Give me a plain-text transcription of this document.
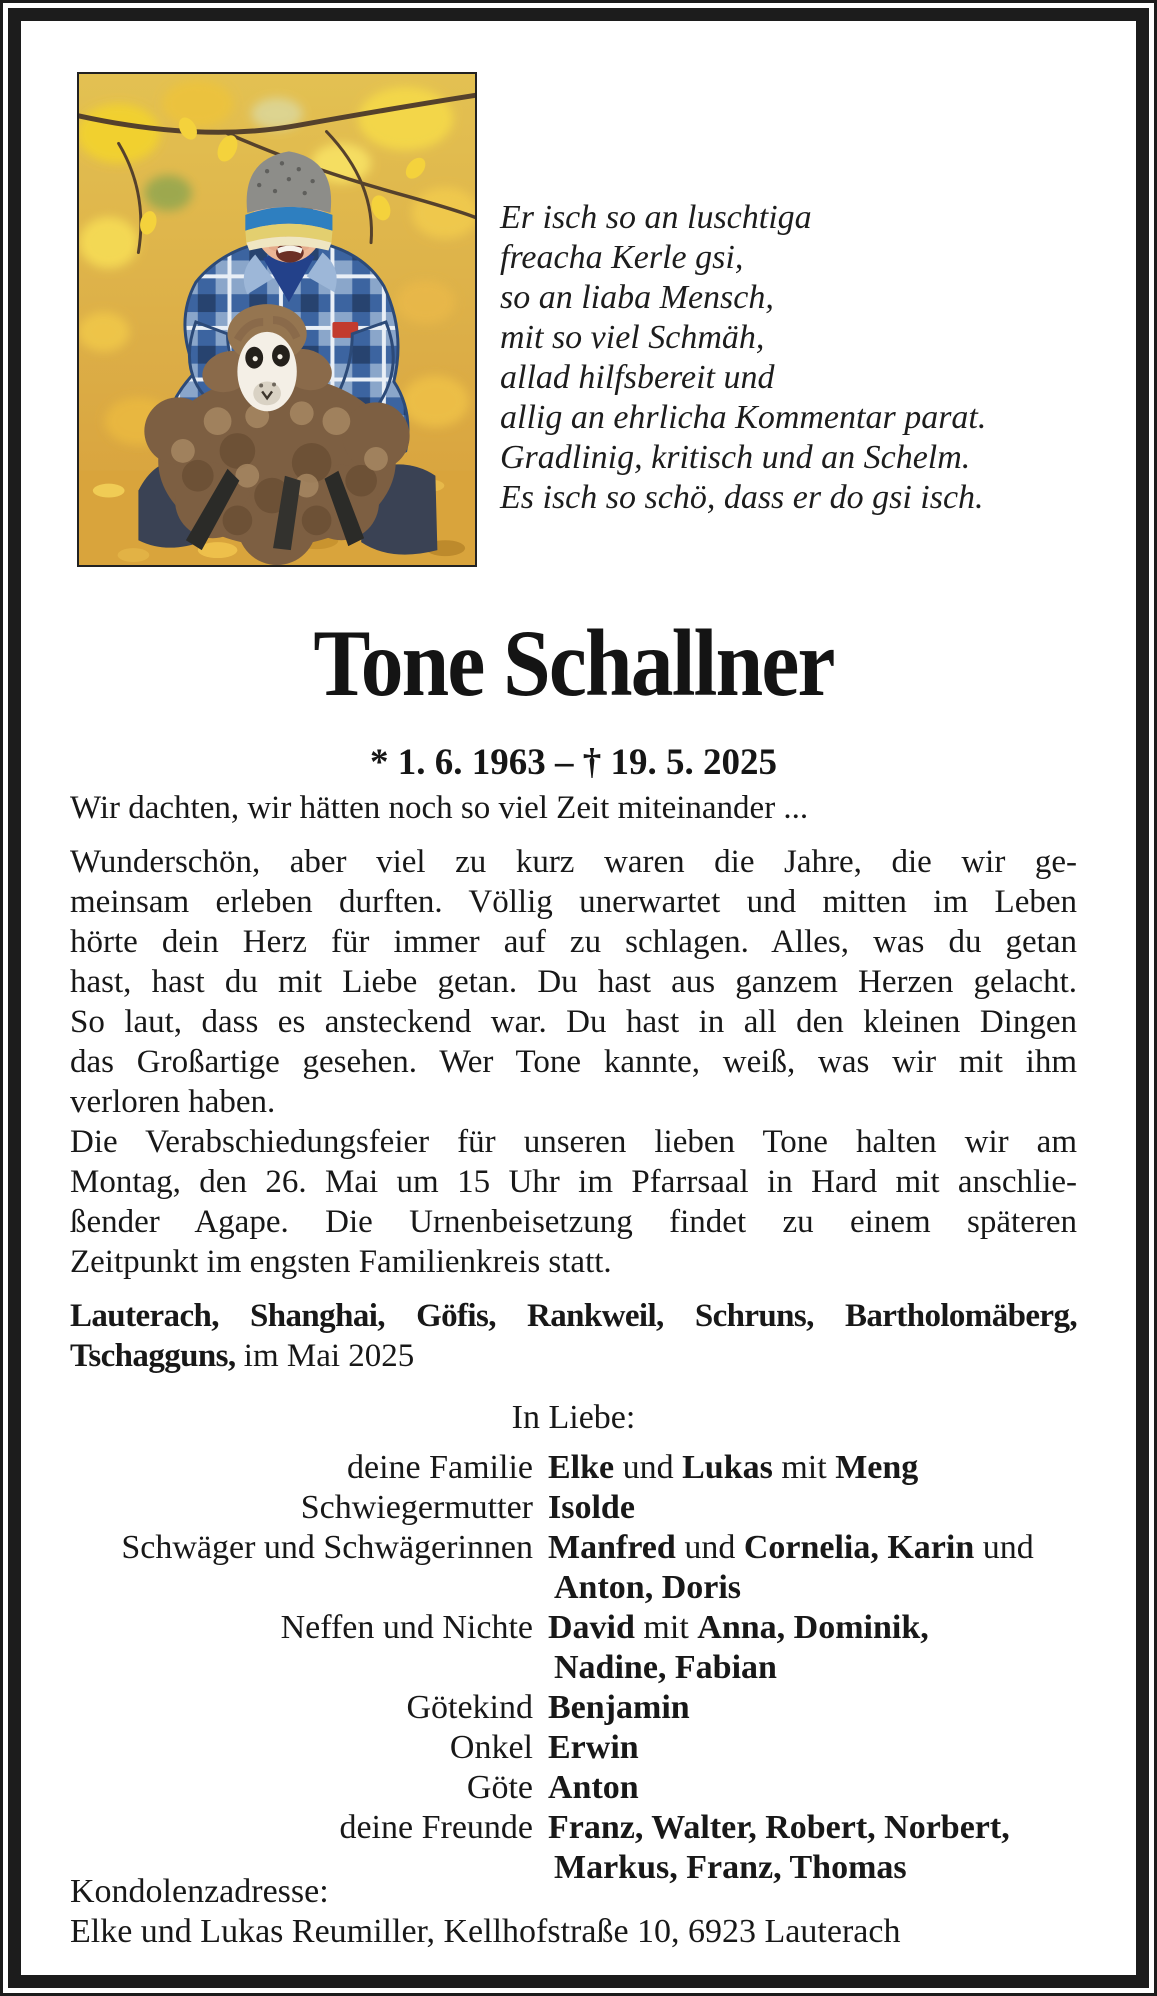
Er isch so an luschtiga
freacha Kerle gsi,
so an liaba Mensch,
mit so viel Schmäh,
allad hilfsbereit und
allig an ehrlicha Kommentar parat.
Gradlinig, kritisch und an Schelm.
Es isch so schö, dass er do gsi isch.
Tone Schallner
* 1. 6. 1963 – † 19. 5. 2025
Wir dachten, wir hätten noch so viel Zeit miteinander ...
Wunderschön, aber viel zu kurz waren die Jahre, die wir ge-
meinsam erleben durften. Völlig unerwartet und mitten im Leben
hörte dein Herz für immer auf zu schlagen. Alles, was du getan
hast, hast du mit Liebe getan. Du hast aus ganzem Herzen gelacht.
So laut, dass es ansteckend war. Du hast in all den kleinen Dingen
das Großartige gesehen. Wer Tone kannte, weiß, was wir mit ihm
verloren haben.
Die Verabschiedungsfeier für unseren lieben Tone halten wir am
Montag, den 26. Mai um 15 Uhr im Pfarrsaal in Hard mit anschlie-
ßender Agape. Die Urnenbeisetzung findet zu einem späteren
Zeitpunkt im engsten Familienkreis statt.
Lauterach, Shanghai, Göfis, Rankweil, Schruns, Bartholomäberg,
Tschagguns, im Mai 2025
In Liebe:
deine Familie Elke und Lukas mit Meng
Schwiegermutter Isolde
Schwäger und Schwägerinnen Manfred und Cornelia, Karin und
Anton, Doris
Neffen und Nichte David mit Anna, Dominik,
Nadine, Fabian
Götekind Benjamin
Onkel Erwin
Göte Anton
deine Freunde Franz, Walter, Robert, Norbert,
Markus, Franz, Thomas
Kondolenzadresse:
Elke und Lukas Reumiller, Kellhofstraße 10, 6923 Lauterach
